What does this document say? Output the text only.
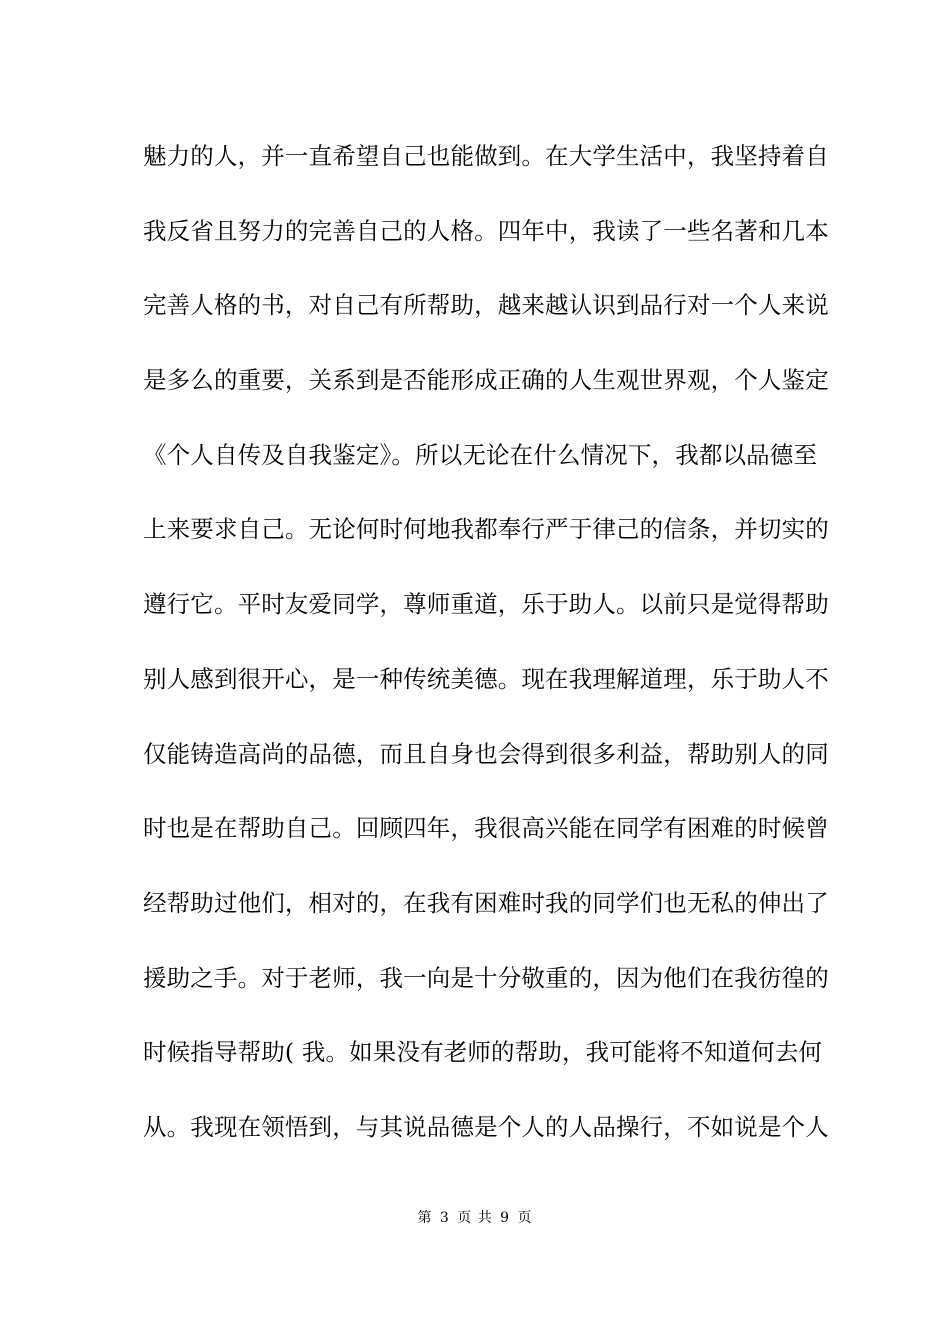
魅力的人，并一直希望自己也能做到。在大学生活中，我坚持着自
我反省且努力的完善自己的人格。四年中，我读了一些名著和几本
完善人格的书，对自己有所帮助，越来越认识到品行对一个人来说
是多么的重要，关系到是否能形成正确的人生观世界观，个人鉴定
《个人自传及自我鉴定》。所以无论在什么情况下，我都以品德至
上来要求自己。无论何时何地我都奉行严于律己的信条，并切实的
遵行它。平时友爱同学，尊师重道，乐于助人。以前只是觉得帮助
别人感到很开心，是一种传统美德。现在我理解道理，乐于助人不
仅能铸造高尚的品德，而且自身也会得到很多利益，帮助别人的同
时也是在帮助自己。回顾四年，我很高兴能在同学有困难的时候曾
经帮助过他们，相对的，在我有困难时我的同学们也无私的伸出了
援助之手。对于老师，我一向是十分敬重的，因为他们在我彷徨的
时候指导帮助( 我。如果没有老师的帮助，我可能将不知道何去何
从。我现在领悟到，与其说品德是个人的人品操行，不如说是个人
第 3 页 共 9 页
